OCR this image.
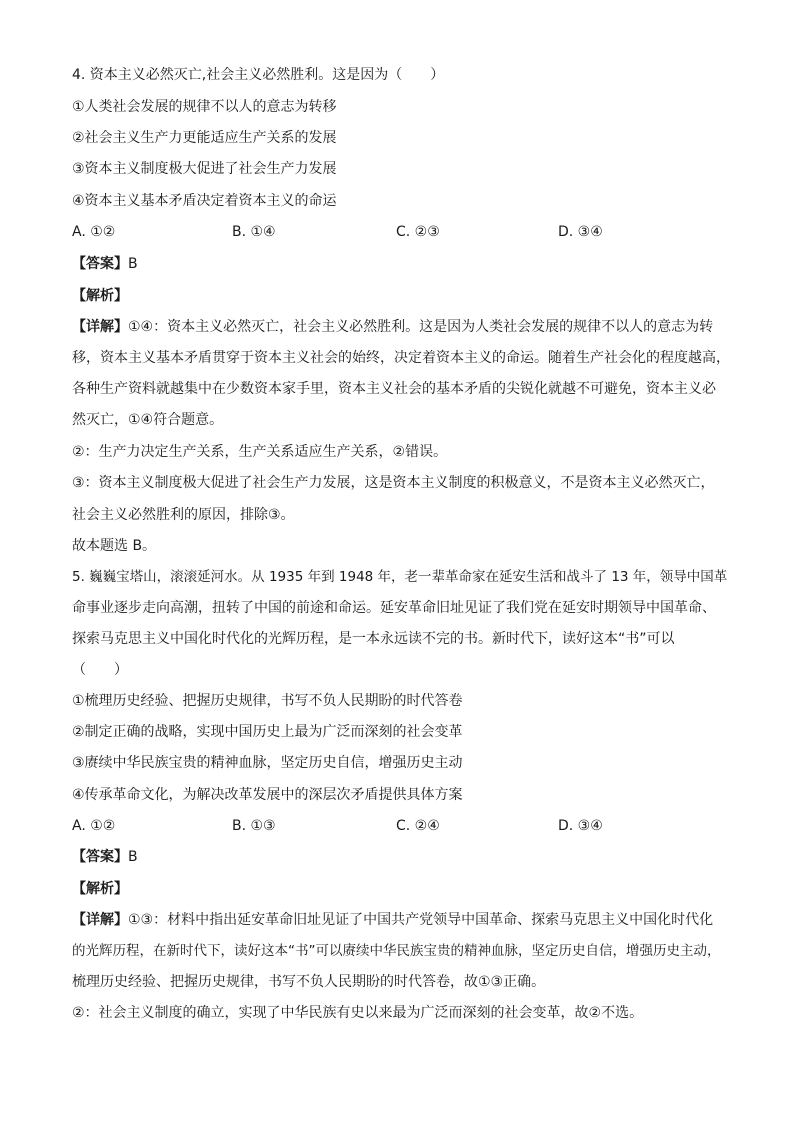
4. 资本主义必然灭亡,社会主义必然胜利。这是因为（　　）
①人类社会发展的规律不以人的意志为转移
②社会主义生产力更能适应生产关系的发展
③资本主义制度极大促进了社会生产力发展
④资本主义基本矛盾决定着资本主义的命运
A. ①②	B. ①④	C. ②③	D. ③④
【答案】B
【解析】
【详解】①④：资本主义必然灭亡，社会主义必然胜利。这是因为人类社会发展的规律不以人的意志为转
移，资本主义基本矛盾贯穿于资本主义社会的始终，决定着资本主义的命运。随着生产社会化的程度越高，
各种生产资料就越集中在少数资本家手里，资本主义社会的基本矛盾的尖锐化就越不可避免，资本主义必
然灭亡，①④符合题意。
②：生产力决定生产关系，生产关系适应生产关系，②错误。
③：资本主义制度极大促进了社会生产力发展，这是资本主义制度的积极意义，不是资本主义必然灭亡，
社会主义必然胜利的原因，排除③。
故本题选 B。
5. 巍巍宝塔山，滚滚延河水。从 1935 年到 1948 年，老一辈革命家在延安生活和战斗了 13 年，领导中国革
命事业逐步走向高潮，扭转了中国的前途和命运。延安革命旧址见证了我们党在延安时期领导中国革命、
探索马克思主义中国化时代化的光辉历程，是一本永远读不完的书。新时代下，读好这本“书”可以
（　　）
①梳理历史经验、把握历史规律，书写不负人民期盼的时代答卷
②制定正确的战略，实现中国历史上最为广泛而深刻的社会变革
③赓续中华民族宝贵的精神血脉，坚定历史自信，增强历史主动
④传承革命文化，为解决改革发展中的深层次矛盾提供具体方案
A. ①②	B. ①③	C. ②④	D. ③④
【答案】B
【解析】
【详解】①③：材料中指出延安革命旧址见证了中国共产党领导中国革命、探索马克思主义中国化时代化
的光辉历程，在新时代下，读好这本“书”可以赓续中华民族宝贵的精神血脉，坚定历史自信，增强历史主动，
梳理历史经验、把握历史规律，书写不负人民期盼的时代答卷，故①③正确。
②：社会主义制度的确立，实现了中华民族有史以来最为广泛而深刻的社会变革，故②不选。
